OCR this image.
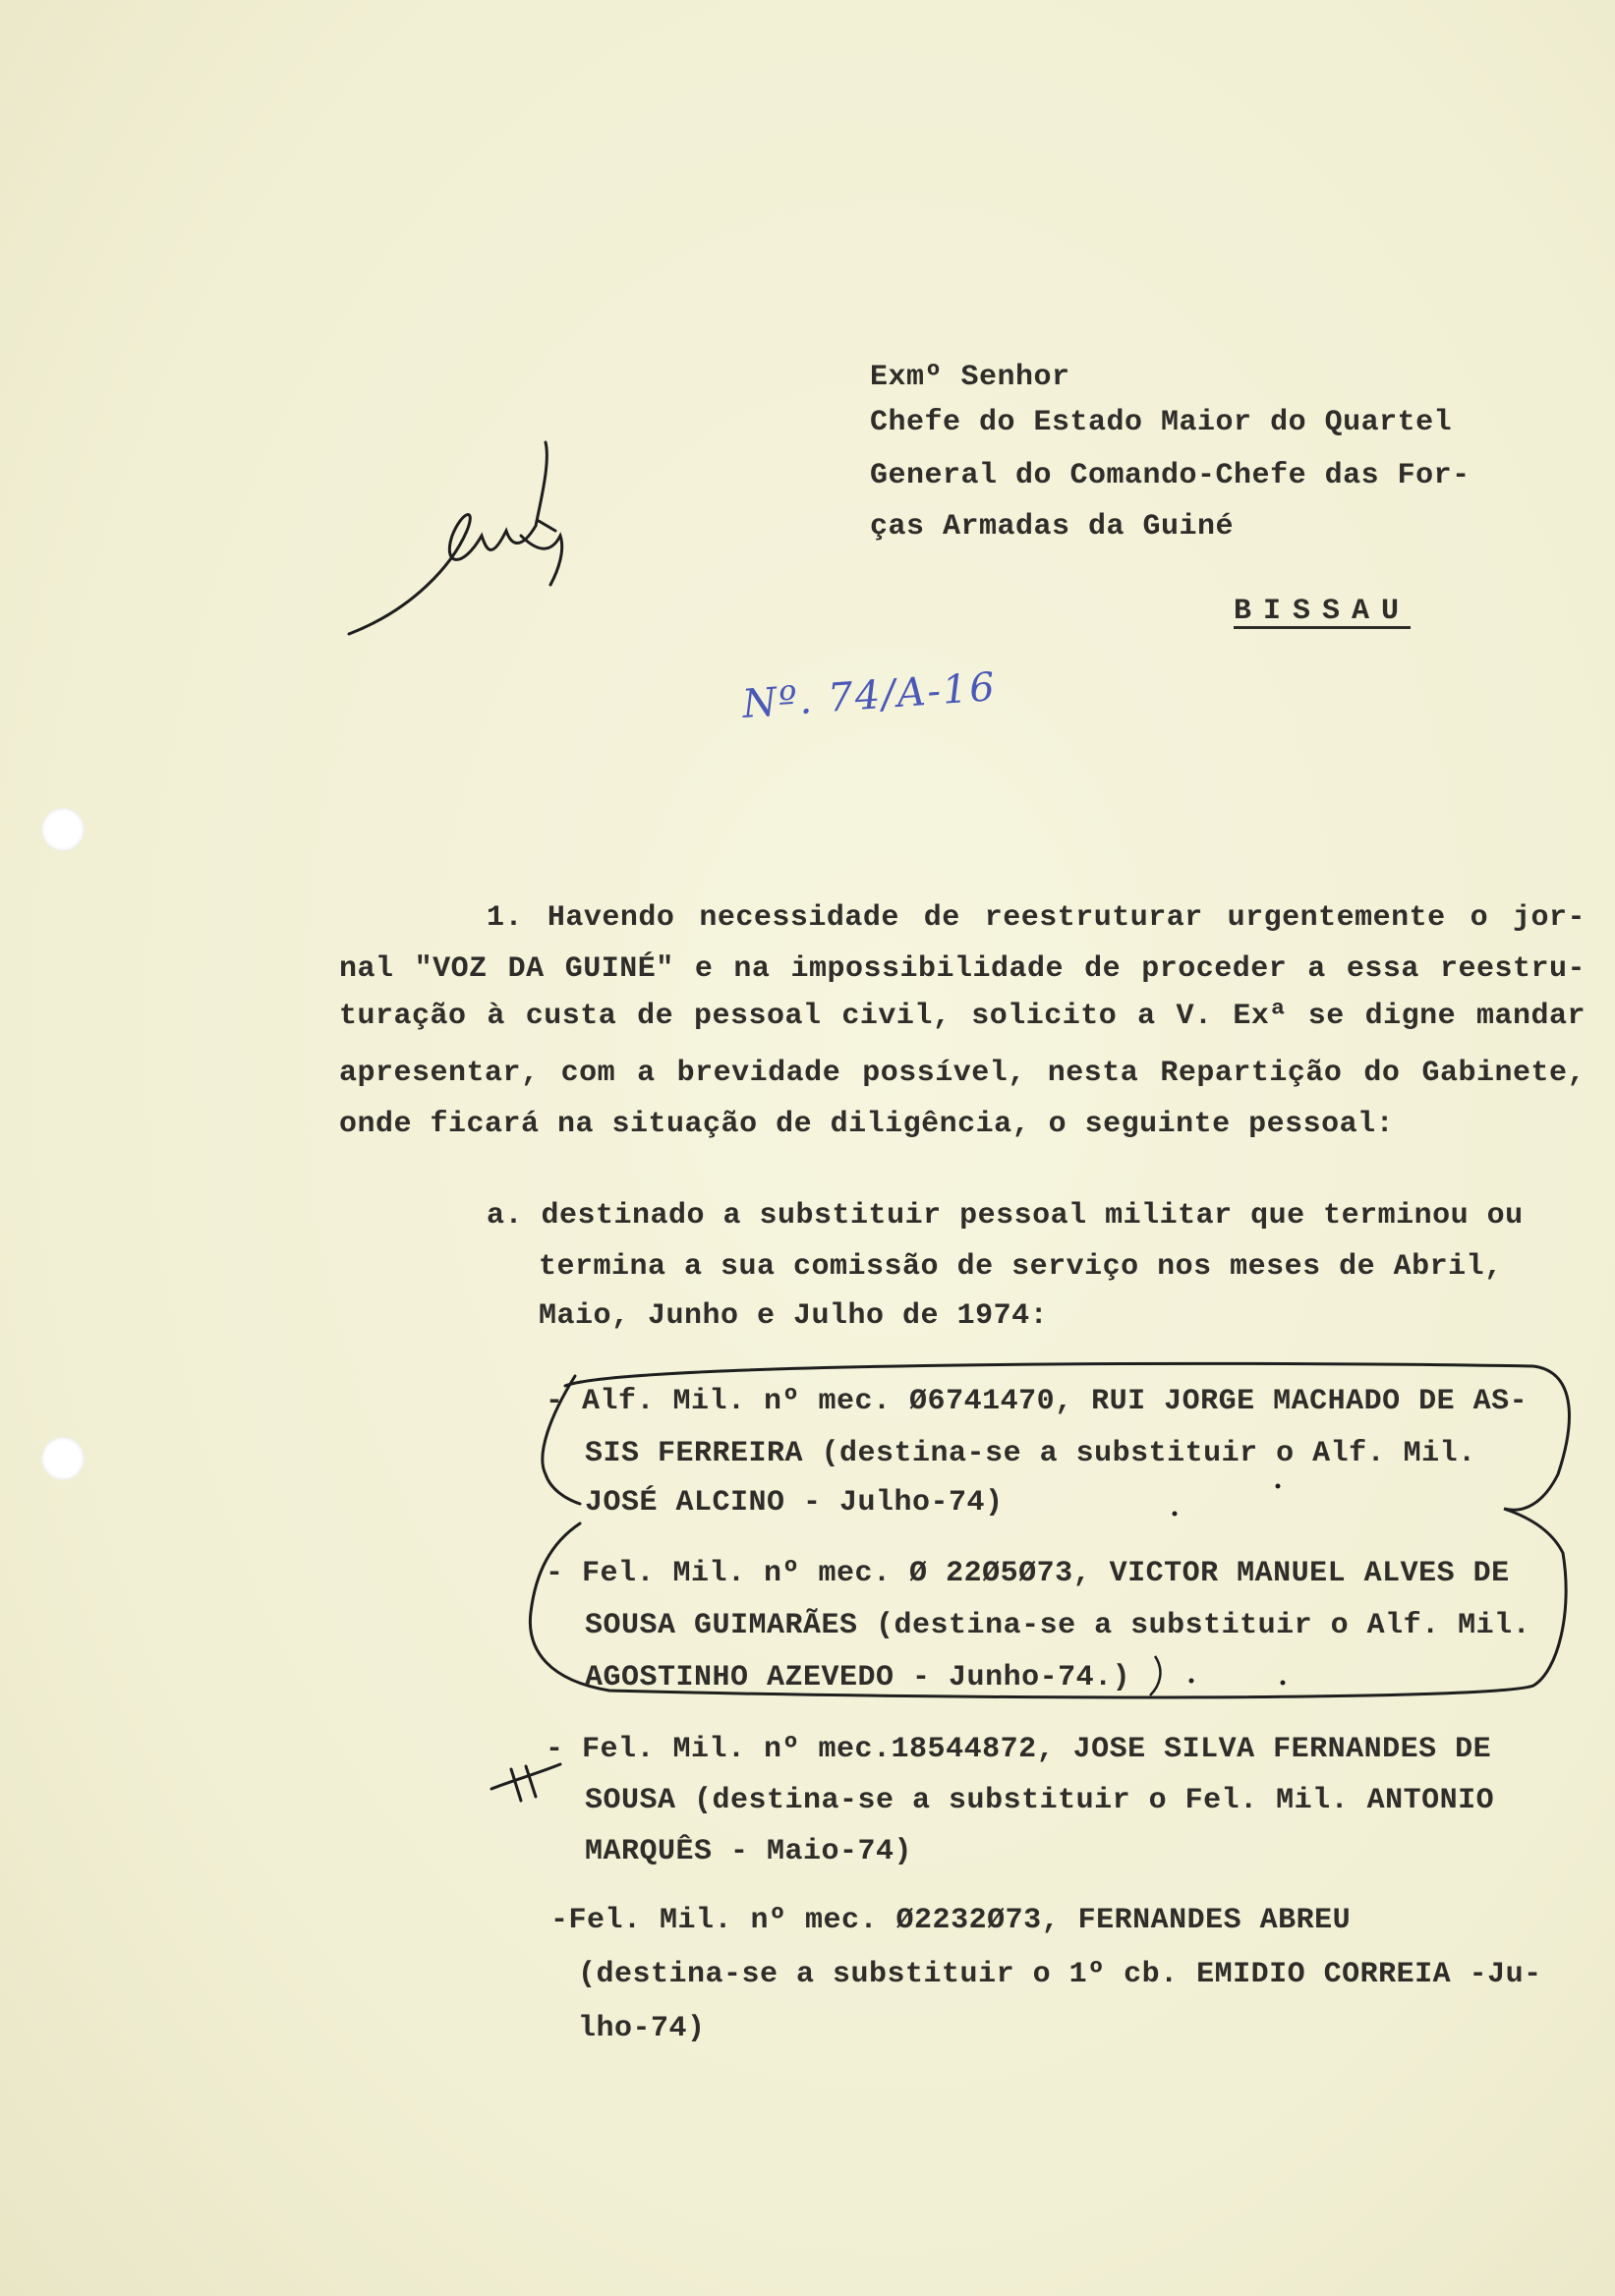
Exmº Senhor
Chefe do Estado Maior do Quartel
General do Comando-Chefe das For-
ças Armadas da Guiné
BISSAU
Nº. 74/A-16
1. Havendo necessidade de reestruturar urgentemente o jor-
nal "VOZ DA GUINÉ" e na impossibilidade de proceder a essa reestru-
turação à custa de pessoal civil, solicito a V. Exª se digne mandar
apresentar, com a brevidade possível, nesta Repartição do Gabinete,
onde ficará na situação de diligência, o seguinte pessoal:
a. destinado a substituir pessoal militar que terminou ou
termina a sua comissão de serviço nos meses de Abril,
Maio, Junho e Julho de 1974:
- Alf. Mil. nº mec. Ø6741470, RUI JORGE MACHADO DE AS-
SIS FERREIRA (destina-se a substituir o Alf. Mil.
JOSÉ ALCINO - Julho-74)
- Fel. Mil. nº mec. Ø 22Ø5Ø73, VICTOR MANUEL ALVES DE
SOUSA GUIMARÃES (destina-se a substituir o Alf. Mil.
AGOSTINHO AZEVEDO - Junho-74.)
- Fel. Mil. nº mec.18544872, JOSE SILVA FERNANDES DE
SOUSA (destina-se a substituir o Fel. Mil. ANTONIO
MARQUÊS - Maio-74)
-Fel. Mil. nº mec. Ø2232Ø73, FERNANDES ABREU
(destina-se a substituir o 1º cb. EMIDIO CORREIA -Ju-
lho-74)
